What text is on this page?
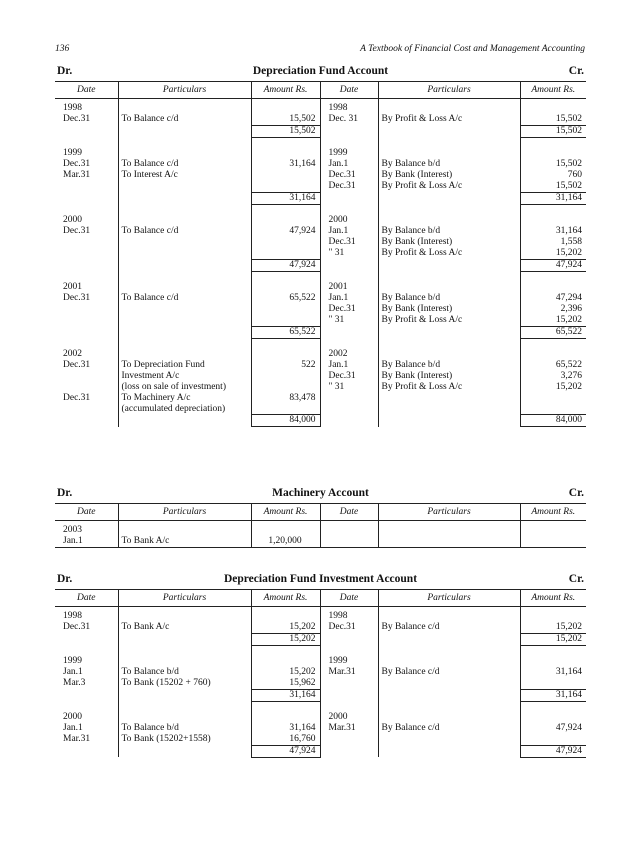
136	A Textbook of Financial Cost and Management Accounting
Dr.	Depreciation Fund Account	Cr.
Date	Particulars	Amount Rs.	Date	Particulars	Amount Rs.

1998			1998		
Dec.31	To Balance c/d	15,502	Dec. 31	By Profit & Loss A/c	15,502
		15,502			15,502

1999			1999		
Dec.31	To Balance c/d	31,164	Jan.1	By Balance b/d	15,502
Mar.31	To Interest A/c		Dec.31	By Bank (Interest)	760
			Dec.31	By Profit & Loss A/c	15,502
		31,164			31,164

2000			2000		
Dec.31	To Balance c/d	47,924	Jan.1	By Balance b/d	31,164
			Dec.31	By Bank (Interest)	1,558
			" 31	By Profit & Loss A/c	15,202
		47,924			47,924

2001			2001		
Dec.31	To Balance c/d	65,522	Jan.1	By Balance b/d	47,294
			Dec.31	By Bank (Interest)	2,396
			" 31	By Profit & Loss A/c	15,202
		65,522			65,522

2002			2002		
Dec.31	To Depreciation Fund	522	Jan.1	By Balance b/d	65,522
	Investment A/c		Dec.31	By Bank (Interest)	3,276
	(loss on sale of investment)		" 31	By Profit & Loss A/c	15,202
Dec.31	To Machinery A/c	83,478			
	(accumulated depreciation)				
		84,000			84,000
Dr.	Machinery Account	Cr.
Date	Particulars	Amount Rs.	Date	Particulars	Amount Rs.

2003					
Jan.1	To Bank A/c	1,20,000			
Dr.	Depreciation Fund Investment Account	Cr.
Date	Particulars	Amount Rs.	Date	Particulars	Amount Rs.

1998			1998		
Dec.31	To Bank A/c	15,202	Dec.31	By Balance c/d	15,202
		15,202			15,202

1999			1999		
Jan.1	To Balance b/d	15,202	Mar.31	By Balance c/d	31,164
Mar.3	To Bank (15202 + 760)	15,962			
		31,164			31,164

2000			2000		
Jan.1	To Balance b/d	31,164	Mar.31	By Balance c/d	47,924
Mar.31	To Bank (15202+1558)	16,760			
		47,924			47,924
